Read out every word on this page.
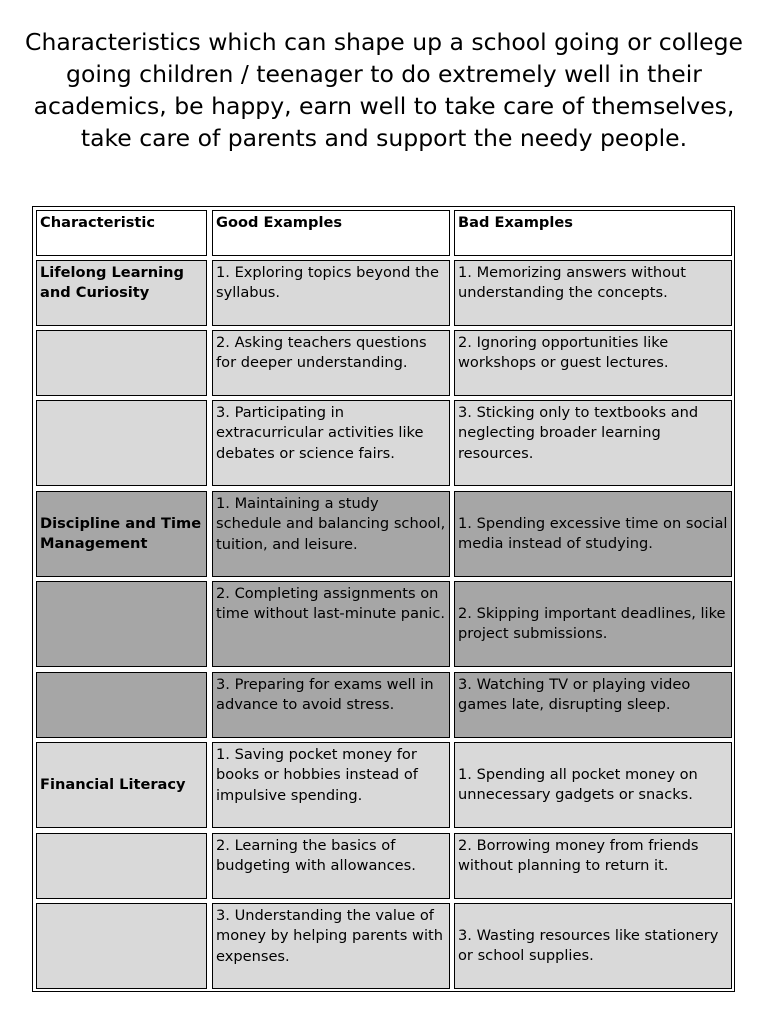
Characteristics which can shape up a school going or college going children / teenager to do extremely well in their academics, be happy, earn well to take care of themselves, take care of parents and support the needy people.
Characteristic	Good Examples	Bad Examples
Lifelong Learning and Curiosity
1. Exploring topics beyond the syllabus.
1. Memorizing answers without understanding the concepts.
2. Asking teachers questions for deeper understanding.
2. Ignoring opportunities like workshops or guest lectures.
3. Participating in extracurricular activities like debates or science fairs.
3. Sticking only to textbooks and neglecting broader learning resources.
Discipline and Time Management
1. Maintaining a study schedule and balancing school, tuition, and leisure.
1. Spending excessive time on social media instead of studying.
2. Completing assignments on time without last-minute panic. 2. Skipping important deadlines, like project submissions.
3. Preparing for exams well in advance to avoid stress.
3. Watching TV or playing video games late, disrupting sleep.
Financial Literacy
1. Saving pocket money for books or hobbies instead of impulsive spending.
1. Spending all pocket money on unnecessary gadgets or snacks.
2. Learning the basics of budgeting with allowances.
2. Borrowing money from friends without planning to return it.
3. Understanding the value of money by helping parents with expenses.
3. Wasting resources like stationery or school supplies.
